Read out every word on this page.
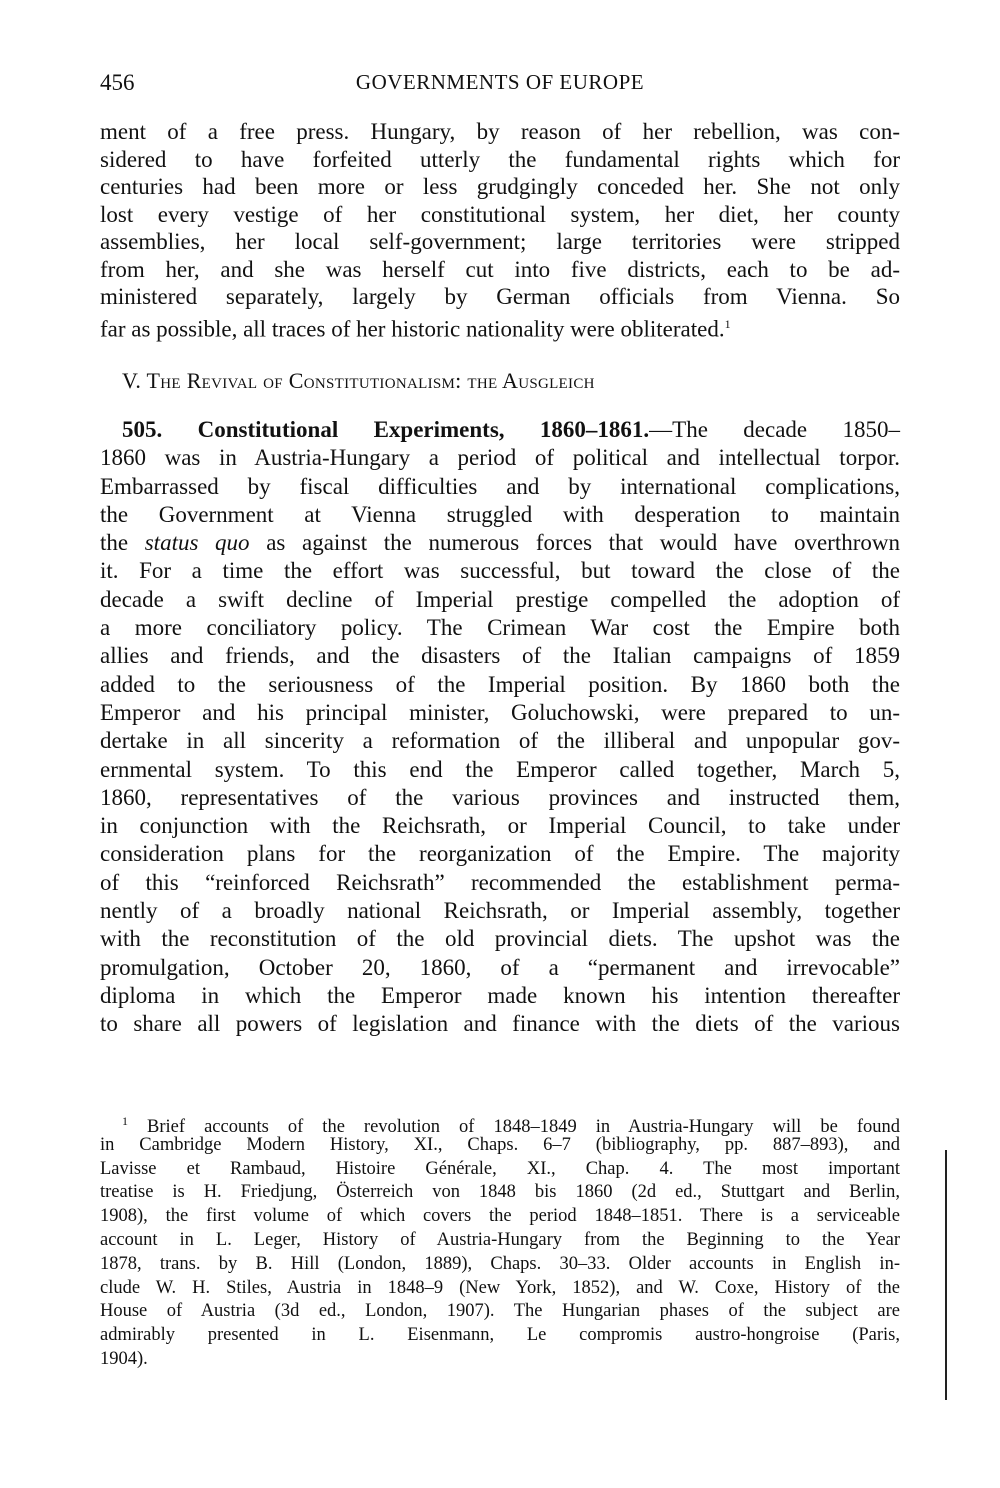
456	GOVERNMENTS OF EUROPE
ment of a free press. Hungary, by reason of her rebellion, was con-
sidered to have forfeited utterly the fundamental rights which for
centuries had been more or less grudgingly conceded her. She not only
lost every vestige of her constitutional system, her diet, her county
assemblies, her local self-government; large territories were stripped
from her, and she was herself cut into five districts, each to be ad-
ministered separately, largely by German officials from Vienna. So
far as possible, all traces of her historic nationality were obliterated.$^1$
V. The Revival of Constitutionalism: the Ausgleich
505. Constitutional Experiments, 1860–1861.—The decade 1850–
1860 was in Austria-Hungary a period of political and intellectual torpor.
Embarrassed by fiscal difficulties and by international complications,
the Government at Vienna struggled with desperation to maintain
the status quo as against the numerous forces that would have overthrown
it. For a time the effort was successful, but toward the close of the
decade a swift decline of Imperial prestige compelled the adoption of
a more conciliatory policy. The Crimean War cost the Empire both
allies and friends, and the disasters of the Italian campaigns of 1859
added to the seriousness of the Imperial position. By 1860 both the
Emperor and his principal minister, Goluchowski, were prepared to un-
dertake in all sincerity a reformation of the illiberal and unpopular gov-
ernmental system. To this end the Emperor called together, March 5,
1860, representatives of the various provinces and instructed them,
in conjunction with the Reichsrath, or Imperial Council, to take under
consideration plans for the reorganization of the Empire. The majority
of this “reinforced Reichsrath” recommended the establishment perma-
nently of a broadly national Reichsrath, or Imperial assembly, together
with the reconstitution of the old provincial diets. The upshot was the
promulgation, October 20, 1860, of a “permanent and irrevocable”
diploma in which the Emperor made known his intention thereafter
to share all powers of legislation and finance with the diets of the various
$^1$ Brief accounts of the revolution of 1848–1849 in Austria-Hungary will be found
in Cambridge Modern History, XI., Chaps. 6–7 (bibliography, pp. 887–893), and
Lavisse et Rambaud, Histoire Générale, XI., Chap. 4. The most important
treatise is H. Friedjung, Österreich von 1848 bis 1860 (2d ed., Stuttgart and Berlin,
1908), the first volume of which covers the period 1848–1851. There is a serviceable
account in L. Leger, History of Austria-Hungary from the Beginning to the Year
1878, trans. by B. Hill (London, 1889), Chaps. 30–33. Older accounts in English in-
clude W. H. Stiles, Austria in 1848–9 (New York, 1852), and W. Coxe, History of the
House of Austria (3d ed., London, 1907). The Hungarian phases of the subject are
admirably presented in L. Eisenmann, Le compromis austro-hongroise (Paris,
1904).
